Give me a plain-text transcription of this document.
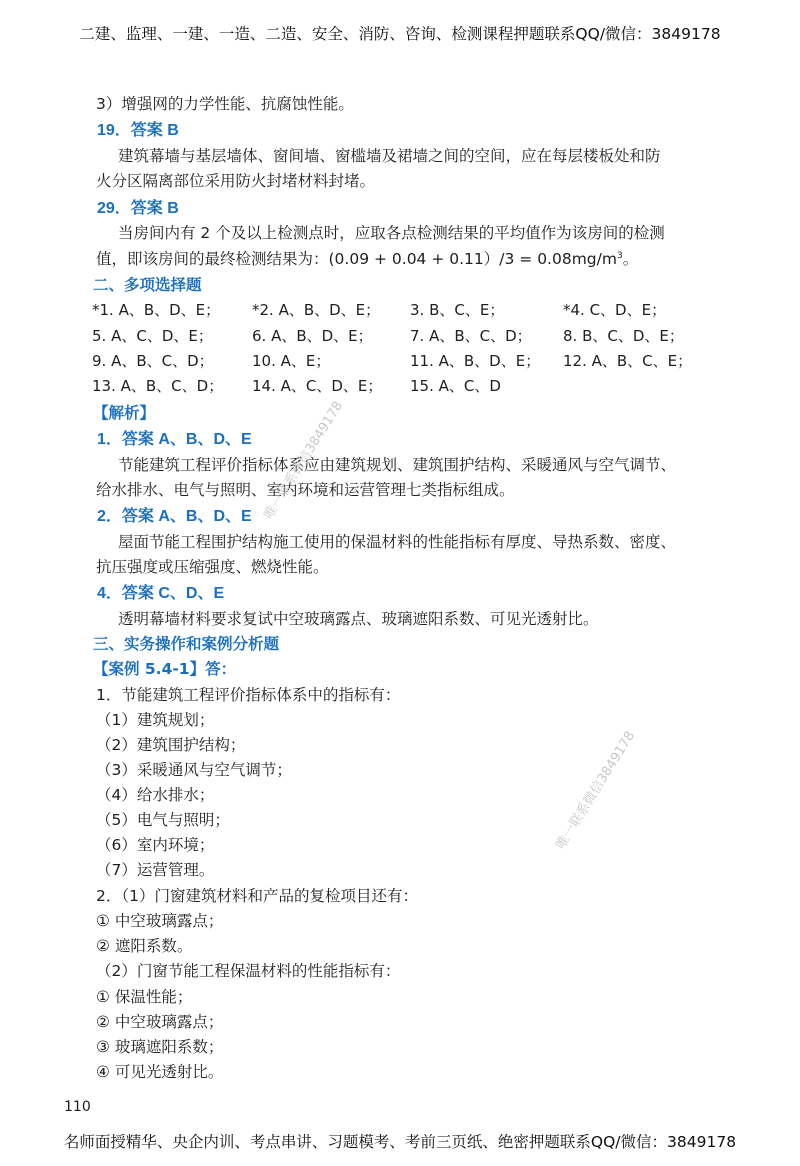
二建、监理、一建、一造、二造、安全、消防、咨询、检测课程押题联系QQ/微信：3849178
3）增强网的力学性能、抗腐蚀性能。
19．答案 B
建筑幕墙与基层墙体、窗间墙、窗槛墙及裙墙之间的空间，应在每层楼板处和防
火分区隔离部位采用防火封堵材料封堵。
29．答案 B
当房间内有 2 个及以上检测点时，应取各点检测结果的平均值作为该房间的检测
值，即该房间的最终检测结果为：$(0.09 + 0.04 + 0.11)/3 = 0.08mg/m^3$。
二、多项选择题
*1. A、B、D、E； *2. A、B、D、E； 3. B、C、E；	*4. C、D、E；
5. A、C、D、E；	6. A、B、D、E； 7. A、B、C、D； 8. B、C、D、E；
9. A、B、C、D；	10. A、E；	11. A、B、D、E； 12. A、B、C、E；
13. A、B、C、D； 14. A、C、D、E； 15. A、C、D
【解析】
1．答案 A、B、D、E
节能建筑工程评价指标体系应由建筑规划、建筑围护结构、采暖通风与空气调节、
给水排水、电气与照明、室内环境和运营管理七类指标组成。
2．答案 A、B、D、E
屋面节能工程围护结构施工使用的保温材料的性能指标有厚度、导热系数、密度、
抗压强度或压缩强度、燃烧性能。
4．答案 C、D、E
透明幕墙材料要求复试中空玻璃露点、玻璃遮阳系数、可见光透射比。
三、实务操作和案例分析题
【案例 5.4-1】答：
1．节能建筑工程评价指标体系中的指标有：
（1）建筑规划；
（2）建筑围护结构；
（3）采暖通风与空气调节；
（4）给水排水；
（5）电气与照明；
（6）室内环境；
（7）运营管理。
2．（1）门窗建筑材料和产品的复检项目还有：
① 中空玻璃露点；
② 遮阳系数。
（2）门窗节能工程保温材料的性能指标有：
① 保温性能；
② 中空玻璃露点；
③ 玻璃遮阳系数；
④ 可见光透射比。
唯一联系微信3849178
唯一联系微信3849178
110
名师面授精华、央企内训、考点串讲、习题模考、考前三页纸、绝密押题联系QQ/微信：3849178
